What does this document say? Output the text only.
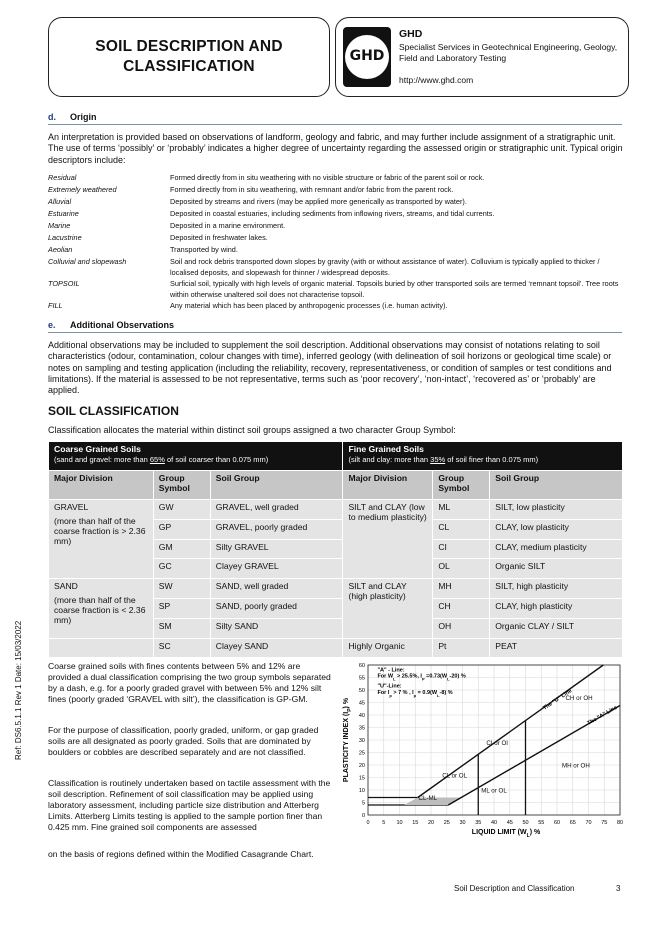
SOIL DESCRIPTION AND
CLASSIFICATION
GHD
GHD
Specialist Services in Geotechnical Engineering, Geology, Field and Laboratory Testing
http://www.ghd.com
Ref: DS6.5.1.1 Rev 1 Date: 15/03/2022
d. Origin
An interpretation is provided based on observations of landform, geology and fabric, and may further include assignment of a stratigraphic unit. The use of terms ‘possibly’ or ‘probably’ indicates a higher degree of uncertainty regarding the assessed origin or stratigraphic unit. Typical origin descriptors include:
Residual	Formed directly from in situ weathering with no visible structure or fabric of the parent soil or rock.
Extremely weathered	Formed directly from in situ weathering, with remnant and/or fabric from the parent rock.
Alluvial	Deposited by streams and rivers (may be applied more generically as transported by water).
Estuarine	Deposited in coastal estuaries, including sediments from inflowing rivers, streams, and tidal currents.
Marine	Deposited in a marine environment.
Lacustrine	Deposited in freshwater lakes.
Aeolian	Transported by wind.
Colluvial and slopewash	Soil and rock debris transported down slopes by gravity (with or without assistance of water). Colluvium is typically applied to thicker / localised deposits, and slopewash for thinner / widespread deposits.
TOPSOIL	Surficial soil, typically with high levels of organic material. Topsoils buried by other transported soils are termed ‘remnant topsoil’. Tree roots within otherwise unaltered soil does not characterise topsoil.
FILL	Any material which has been placed by anthropogenic processes (i.e. human activity).
e. Additional Observations
Additional observations may be included to supplement the soil description. Additional observations may consist of notations relating to soil characteristics (odour, contamination, colour changes with time), inferred geology (with delineation of soil horizons or geological time scale) or notes on sampling and testing application (including the reliability, recovery, representativeness, or condition of samples or test conditions and limitations). If the material is assessed to be not representative, terms such as ‘poor recovery’, ‘non-intact’, ‘recovered as’ or ‘probably’ are applied.
SOIL CLASSIFICATION
Classification allocates the material within distinct soil groups assigned a two character Group Symbol:
Coarse Grained Soils
(sand and gravel: more than 65% of soil coarser than 0.075 mm)			Fine Grained Soils
(silt and clay: more than 35% of soil finer than 0.075 mm)		

Major Division	Group Symbol	Soil Group	Major Division	Group Symbol	Soil Group

GRAVEL
(more than half of the coarse fraction is > 2.36 mm)	GW	GRAVEL, well graded	SILT and CLAY (low to medium plasticity)	ML	SILT, low plasticity
	GP	GRAVEL, poorly graded		CL	CLAY, low plasticity
	GM	Silty GRAVEL		CI	CLAY, medium plasticity
	GC	Clayey GRAVEL		OL	Organic SILT

SAND
(more than half of the coarse fraction is < 2.36 mm)	SW	SAND, well graded	SILT and CLAY (high plasticity)	MH	SILT, high plasticity
	SP	SAND, poorly graded		CH	CLAY, high plasticity
	SM	Silty SAND		OH	Organic CLAY / SILT
	SC	Clayey SAND	Highly Organic	Pt	PEAT
Coarse grained soils with fines contents between 5% and 12% are provided a dual classification comprising the two group symbols separated by a dash, e.g. for a poorly graded gravel with between 5% and 12% silt fines (poorly graded ‘GRAVEL with silt’), the classification is GP-GM.
For the purpose of classification, poorly graded, uniform, or gap graded soils are all designated as poorly graded. Soils that are dominated by boulders or cobbles are described separately and are not classified.
Classification is routinely undertaken based on tactile assessment with the soil description. Refinement of soil classification may be applied using laboratory assessment, including particle size distribution and Atterberg Limits. Atterberg Limits testing is applied to the sample portion finer than 0.425 mm. Fine grained soil components are assessed
on the basis of regions defined within the Modified Casagrande Chart.
0 5 10 15 20 25 30 35 40 45 50 55 60 65 70 75 80
0
5
10
15
20
25
30
35
40
45
50
55
60
CH or OH
CI or OI
MH or OH
CL or OL
ML or OL
CL-ML
The "U" Line
The "A" Line
"A" - Line:
For $W_L > 25.5\%$, $I_P =0.73(W_L-20)$ %
"U"-Line:
For $I_p > 7$ % , $I_p = 0.9(W_L-8)$ %
LIQUID LIMIT $(W_L)$ %
PLASTICITY INDEX $(I_P)$ %
Soil Description and Classification	3
